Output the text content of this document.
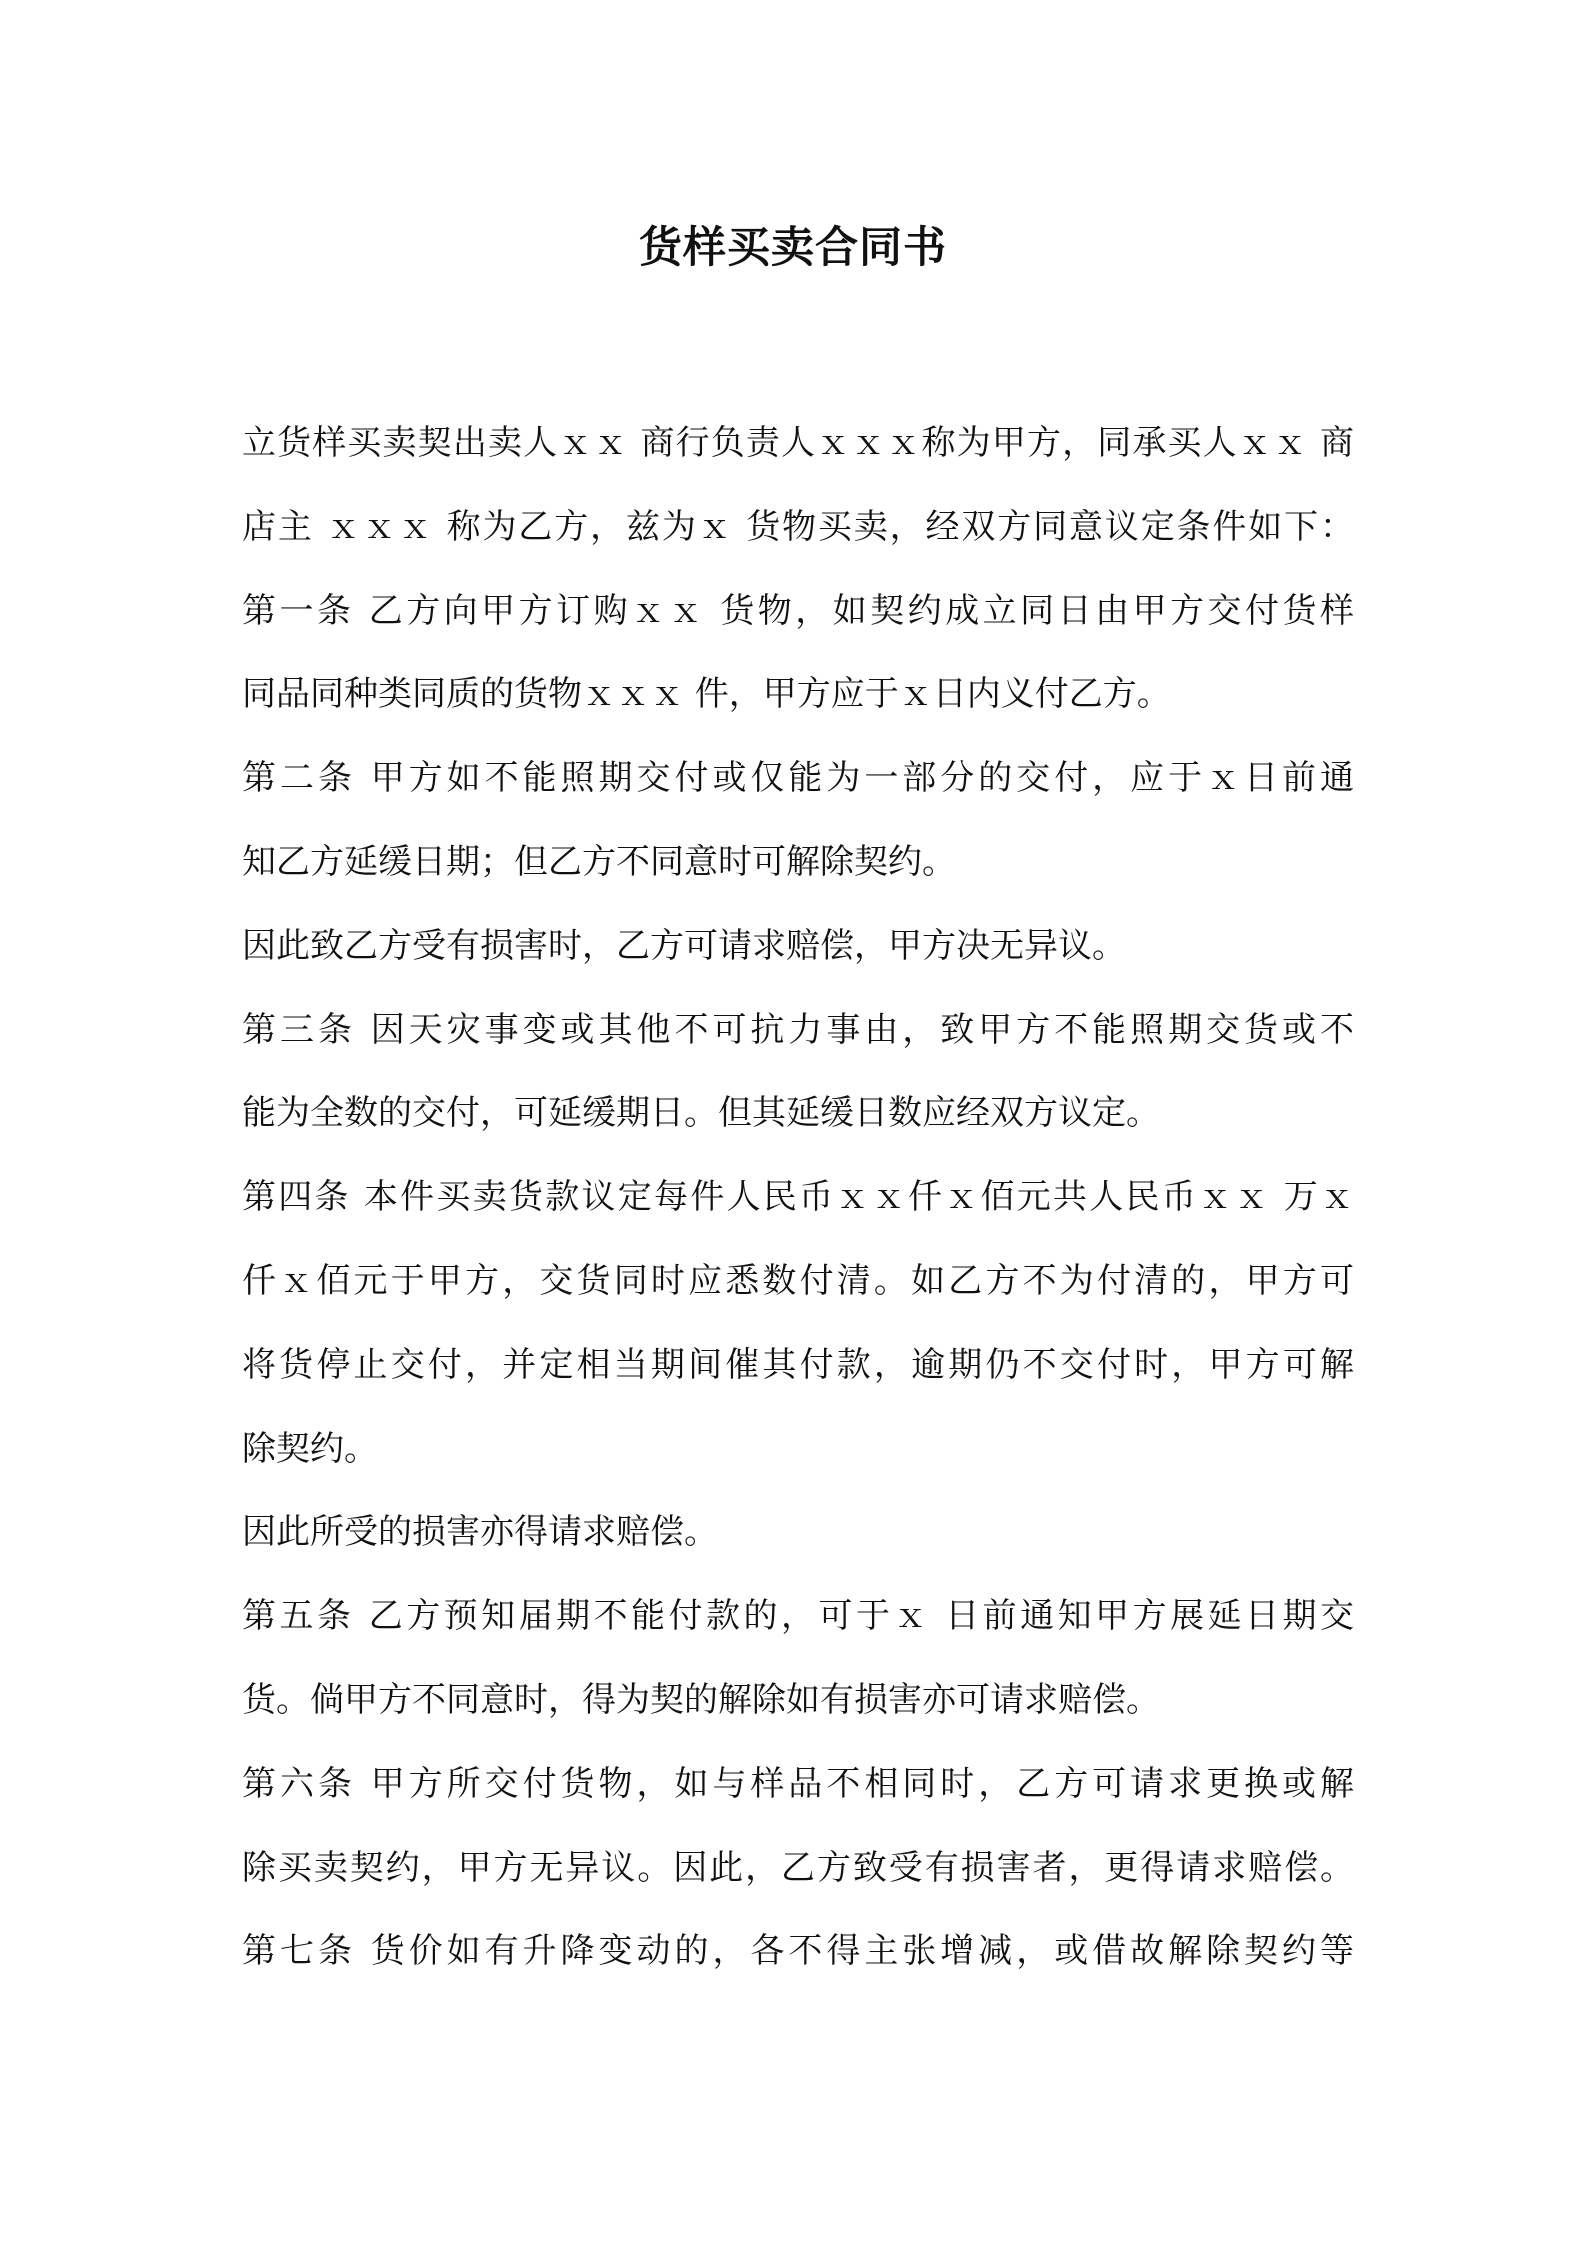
货样买卖合同书
立货样买卖契出卖人ｘｘ 商行负责人ｘｘｘ称为甲方，同承买人ｘｘ 商
店主 ｘｘｘ 称为乙方，兹为ｘ 货物买卖，经双方同意议定条件如下：
第一条 乙方向甲方订购ｘｘ 货物，如契约成立同日由甲方交付货样
同品同种类同质的货物ｘｘｘ 件，甲方应于ｘ日内义付乙方。
第二条 甲方如不能照期交付或仅能为一部分的交付，应于ｘ日前通
知乙方延缓日期；但乙方不同意时可解除契约。
因此致乙方受有损害时，乙方可请求赔偿，甲方决无异议。
第三条 因天灾事变或其他不可抗力事由，致甲方不能照期交货或不
能为全数的交付，可延缓期日。但其延缓日数应经双方议定。
第四条 本件买卖货款议定每件人民币ｘｘ仟ｘ佰元共人民币ｘｘ 万ｘ
仟ｘ佰元于甲方，交货同时应悉数付清。如乙方不为付清的，甲方可
将货停止交付，并定相当期间催其付款，逾期仍不交付时，甲方可解
除契约。
因此所受的损害亦得请求赔偿。
第五条 乙方预知届期不能付款的，可于ｘ 日前通知甲方展延日期交
货。倘甲方不同意时，得为契的解除如有损害亦可请求赔偿。
第六条 甲方所交付货物，如与样品不相同时，乙方可请求更换或解
除买卖契约，甲方无异议。因此，乙方致受有损害者，更得请求赔偿。
第七条 货价如有升降变动的，各不得主张增减，或借故解除契约等
